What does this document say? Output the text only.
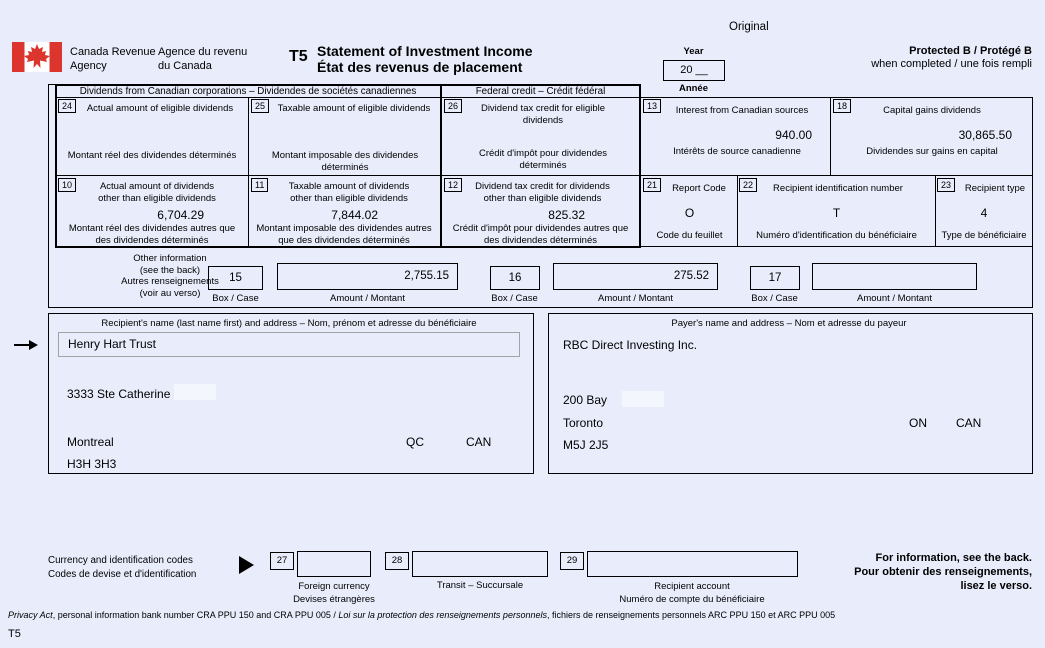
Canada Revenue
Agency
Agence du revenu
du Canada
T5 Statement of Investment Income
État des revenus de placement
Original
Year
20 __
Année
Protected B / Protégé B
when completed / une fois rempli
Dividends from Canadian corporations – Dividendes de sociétés canadiennes	Federal credit – Crédit fédéral
24	Actual amount of eligible dividends
Montant réel des dividendes déterminés
25	Taxable amount of eligible dividends
Montant imposable des dividendes déterminés
26	Dividend tax credit for eligible dividends
Crédit d'impôt pour dividendes déterminés
13	Interest from Canadian sources
940.00
Intérêts de source canadienne
18	Capital gains dividends
30,865.50
Dividendes sur gains en capital
10	Actual amount of dividends other than eligible dividends
6,704.29
Montant réel des dividendes autres que des dividendes déterminés
11	Taxable amount of dividends other than eligible dividends
7,844.02
Montant imposable des dividendes autres que des dividendes déterminés
12	Dividend tax credit for dividends other than eligible dividends
825.32
Crédit d'impôt pour dividendes autres que des dividendes déterminés
21	Report Code
O
Code du feuillet
22	Recipient identification number
T
Numéro d'identification du bénéficiaire
23	Recipient type
4
Type de bénéficiaire
Other information
(see the back)
Autres renseignements
(voir au verso)
15
Box / Case
2,755.15
Amount / Montant
16
Box / Case
275.52
Amount / Montant
17
Box / Case	Amount / Montant
Recipient's name (last name first) and address – Nom, prénom et adresse du bénéficiaire
Henry Hart Trust
3333 Ste Catherine
Montreal	QC	CAN
H3H 3H3
Payer's name and address – Nom et adresse du payeur
RBC Direct Investing Inc.
200 Bay
Toronto	ON CAN
M5J 2J5
Currency and identification codes
Codes de devise et d'identification
27
Foreign currency
Devises étrangères
28
Transit – Succursale
29
Recipient account
Numéro de compte du bénéficiaire
For information, see the back.
Pour obtenir des renseignements,
lisez le verso.
Privacy Act, personal information bank number CRA PPU 150 and CRA PPU 005 / Loi sur la protection des renseignements personnels, fichiers de renseignements personnels ARC PPU 150 et ARC PPU 005
T5
